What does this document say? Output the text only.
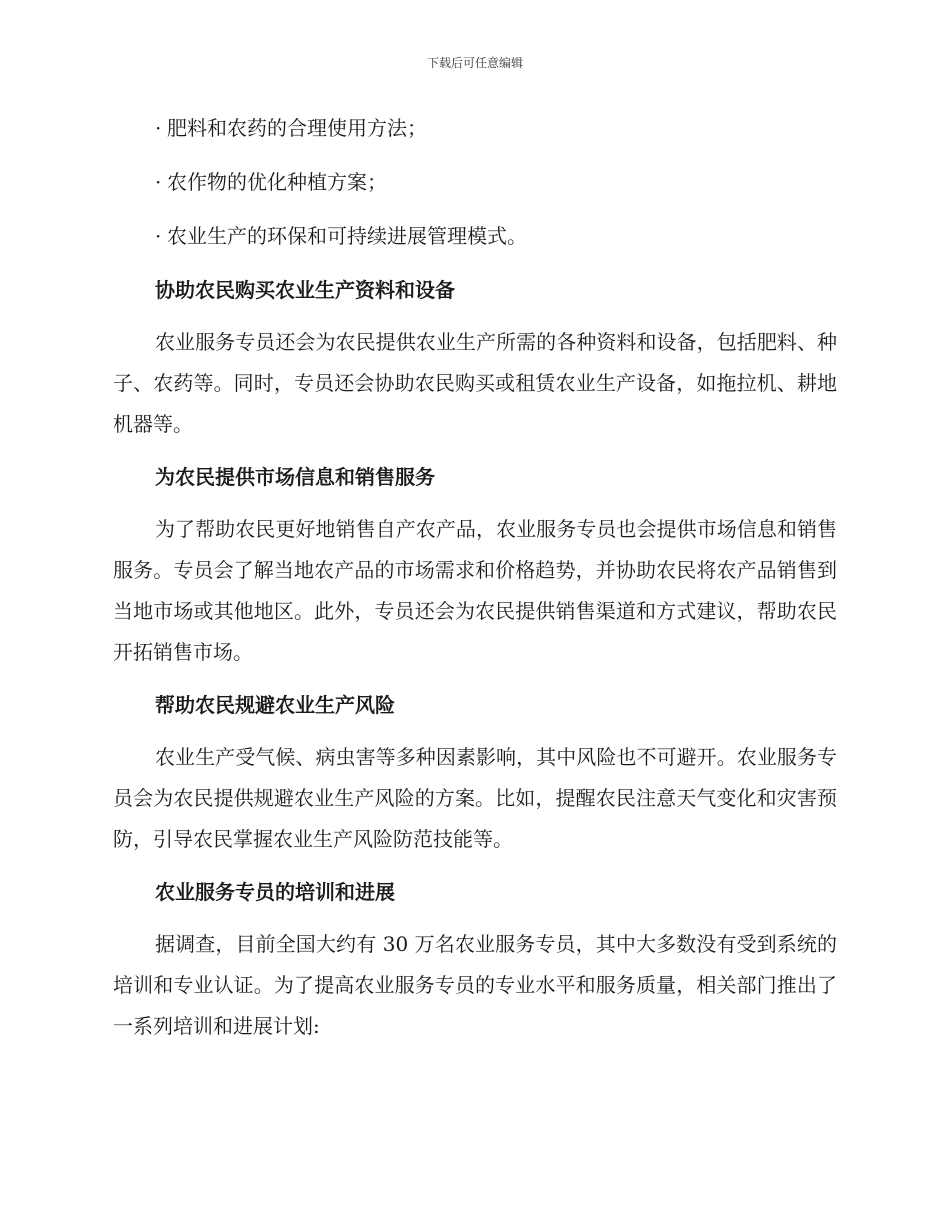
下载后可任意编辑

· 肥料和农药的合理使用方法；

· 农作物的优化种植方案；

· 农业生产的环保和可持续进展管理模式。

协助农民购买农业生产资料和设备

农业服务专员还会为农民提供农业生产所需的各种资料和设备，包括肥料、种子、农药等。同时，专员还会协助农民购买或租赁农业生产设备，如拖拉机、耕地机器等。

为农民提供市场信息和销售服务

为了帮助农民更好地销售自产农产品，农业服务专员也会提供市场信息和销售服务。专员会了解当地农产品的市场需求和价格趋势，并协助农民将农产品销售到当地市场或其他地区。此外，专员还会为农民提供销售渠道和方式建议，帮助农民开拓销售市场。

帮助农民规避农业生产风险

农业生产受气候、病虫害等多种因素影响，其中风险也不可避开。农业服务专员会为农民提供规避农业生产风险的方案。比如，提醒农民注意天气变化和灾害预防，引导农民掌握农业生产风险防范技能等。

农业服务专员的培训和进展

据调查，目前全国大约有 30 万名农业服务专员，其中大多数没有受到系统的培训和专业认证。为了提高农业服务专员的专业水平和服务质量，相关部门推出了一系列培训和进展计划:
